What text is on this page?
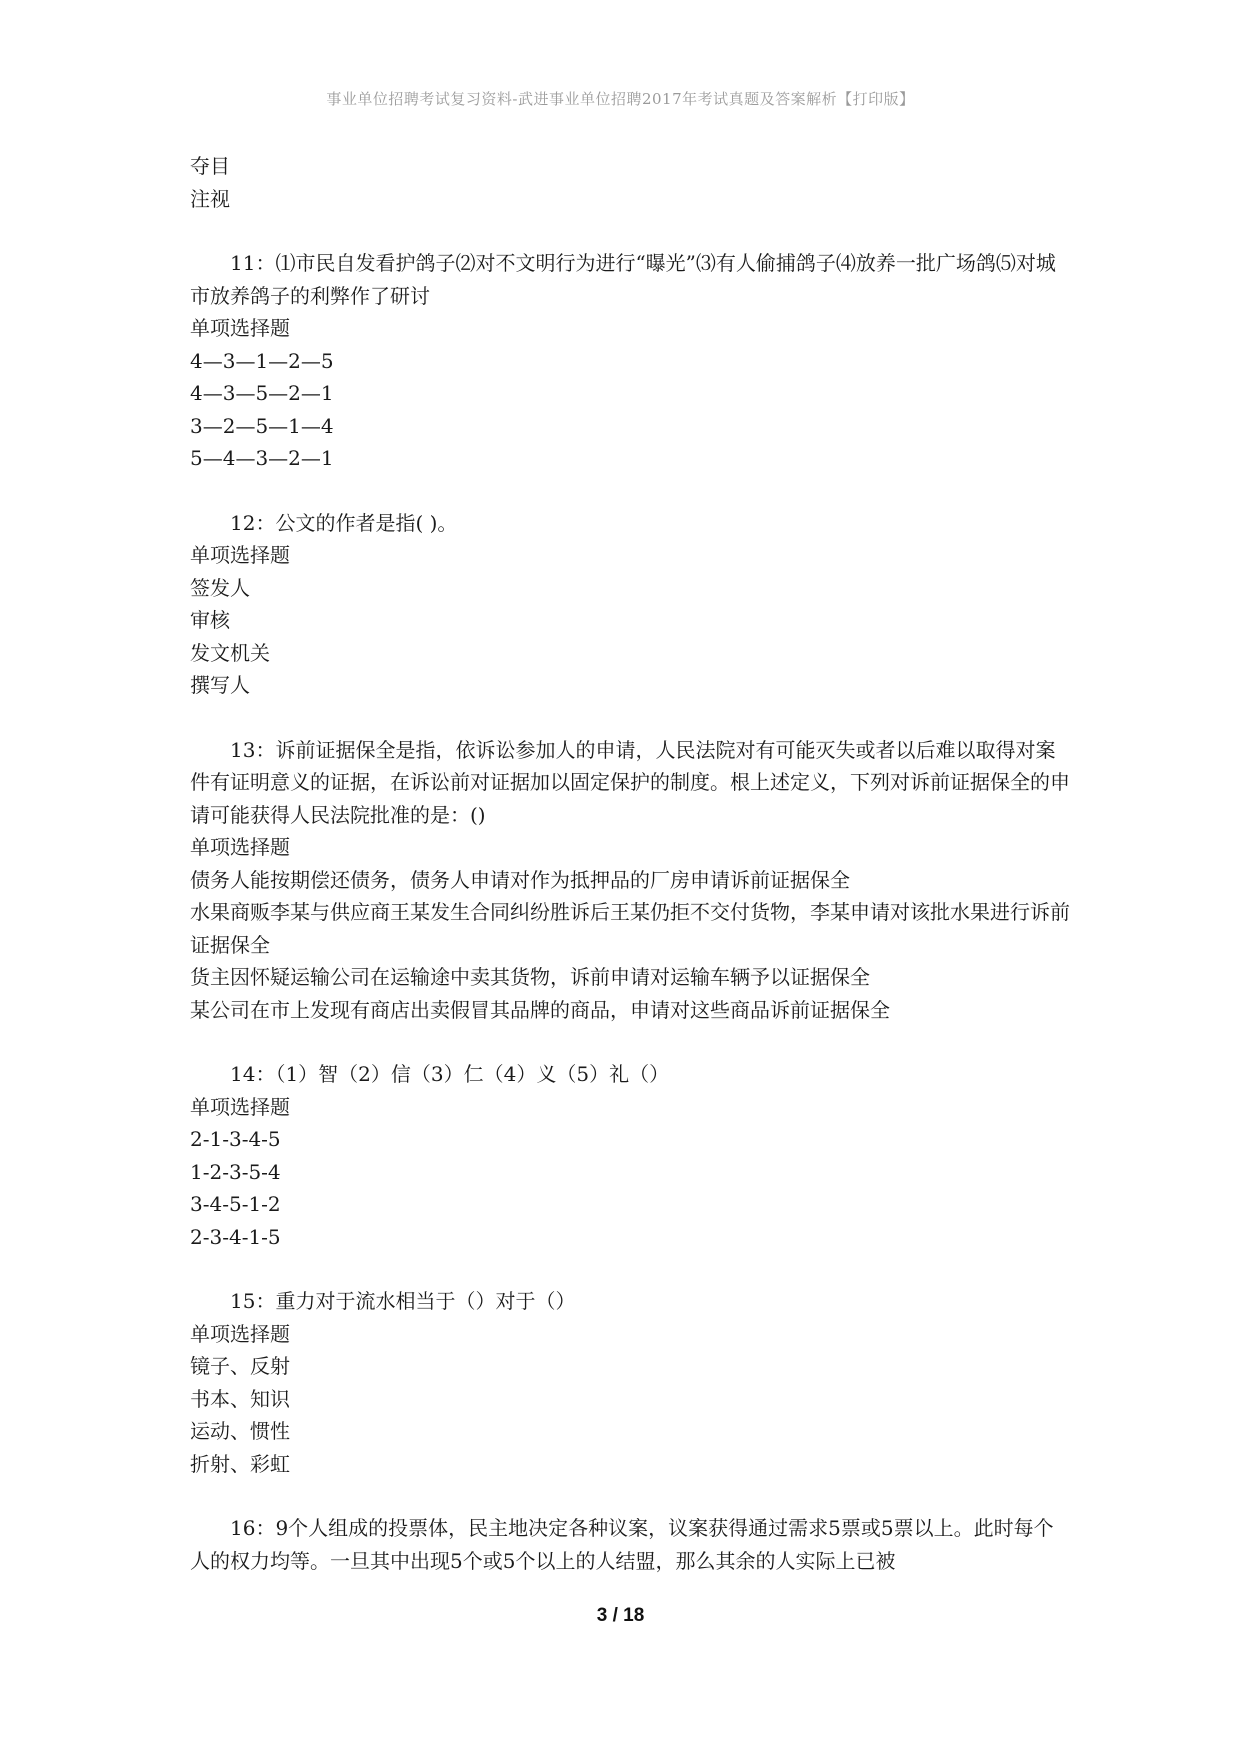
事业单位招聘考试复习资料-武进事业单位招聘2017年考试真题及答案解析【打印版】

夺目

注视

11：⑴市民自发看护鸽子⑵对不文明行为进行“曝光”⑶有人偷捕鸽子⑷放养一批广场鸽⑸对城市放养鸽子的利弊作了研讨

单项选择题

4—3—1—2—5

4—3—5—2—1

3—2—5—1—4

5—4—3—2—1

12：公文的作者是指( )。

单项选择题

签发人

审核

发文机关

撰写人

13：诉前证据保全是指，依诉讼参加人的申请，人民法院对有可能灭失或者以后难以取得对案件有证明意义的证据，在诉讼前对证据加以固定保护的制度。根上述定义，下列对诉前证据保全的申请可能获得人民法院批准的是：()

单项选择题

债务人能按期偿还债务，债务人申请对作为抵押品的厂房申请诉前证据保全

水果商贩李某与供应商王某发生合同纠纷胜诉后王某仍拒不交付货物，李某申请对该批水果进行诉前证据保全

货主因怀疑运输公司在运输途中卖其货物，诉前申请对运输车辆予以证据保全

某公司在市上发现有商店出卖假冒其品牌的商品，申请对这些商品诉前证据保全

14：（1）智（2）信（3）仁（4）义（5）礼（）

单项选择题

2-1-3-4-5

1-2-3-5-4

3-4-5-1-2

2-3-4-1-5

15：重力对于流水相当于（）对于（）

单项选择题

镜子、反射

书本、知识

运动、惯性

折射、彩虹

16：9个人组成的投票体，民主地决定各种议案，议案获得通过需求5票或5票以上。此时每个人的权力均等。一旦其中出现5个或5个以上的人结盟，那么其余的人实际上已被

3 / 18
